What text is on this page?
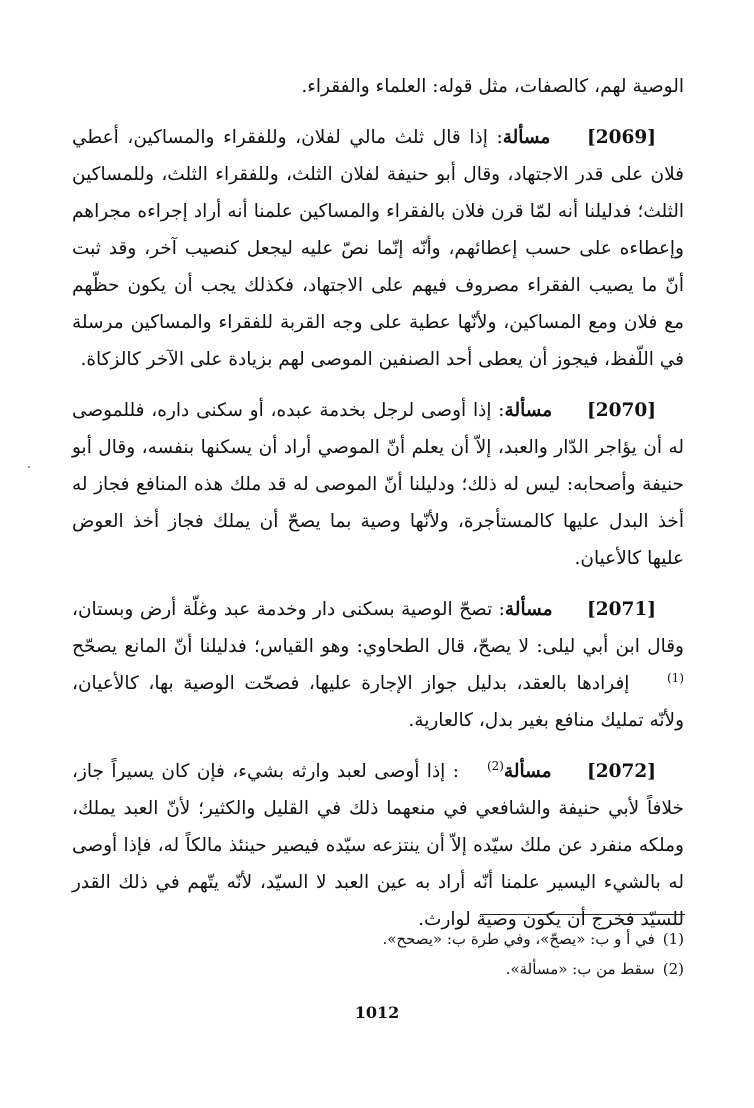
الوصية لهم، كالصفات، مثل قوله: العلماء والفقراء.

[2069] مسألة: إذا قال ثلث مالي لفلان، وللفقراء والمساكين، أعطي فلان على قدر الاجتهاد، وقال أبو حنيفة لفلان الثلث، وللفقراء الثلث، وللمساكين الثلث؛ فدليلنا أنه لمّا قرن فلان بالفقراء والمساكين علمنا أنه أراد إجراءه مجراهم وإعطاءه على حسب إعطائهم، وأنّه إنّما نصّ عليه ليجعل كنصيب آخر، وقد ثبت أنّ ما يصيب الفقراء مصروف فيهم على الاجتهاد، فكذلك يجب أن يكون حظّهم مع فلان ومع المساكين، ولأنّها عطية على وجه القربة للفقراء والمساكين مرسلة في اللّفظ، فيجوز أن يعطى أحد الصنفين الموصى لهم بزيادة على الآخر كالزكاة.

[2070] مسألة: إذا أوصى لرجل بخدمة عبده، أو سكنى داره، فللموصى له أن يؤاجر الدّار والعبد، إلاّ أن يعلم أنّ الموصي أراد أن يسكنها بنفسه، وقال أبو حنيفة وأصحابه: ليس له ذلك؛ ودليلنا أنّ الموصى له قد ملك هذه المنافع فجاز له أخذ البدل عليها كالمستأجرة، ولأنّها وصية بما يصحّ أن يملك فجاز أخذ العوض عليها كالأعيان.

[2071] مسألة: تصحّ الوصية بسكنى دار وخدمة عبد وغلّة أرض وبستان، وقال ابن أبي ليلى: لا يصحّ، قال الطحاوي: وهو القياس؛ فدليلنا أنّ المانع يصحّح(1) إفرادها بالعقد، بدليل جواز الإجارة عليها، فصحّت الوصية بها، كالأعيان، ولأنّه تمليك منافع بغير بدل، كالعارية.

[2072] مسألة(2): إذا أوصى لعبد وارثه بشيء، فإن كان يسيراً جاز، خلافاً لأبي حنيفة والشافعي في منعهما ذلك في القليل والكثير؛ لأنّ العبد يملك، وملكه منفرد عن ملك سيّده إلاّ أن ينتزعه سيّده فيصير حينئذ مالكاً له، فإذا أوصى له بالشيء اليسير علمنا أنّه أراد به عين العبد لا السيّد، لأنّه يتّهم في ذلك القدر للسيّد فخرج أن يكون وصية لوارث.

(1)في أ و ب: «يصحّ»، وفي طرة ب: «يصحح».

(2)سقط من ب: «مسألة».

1012
